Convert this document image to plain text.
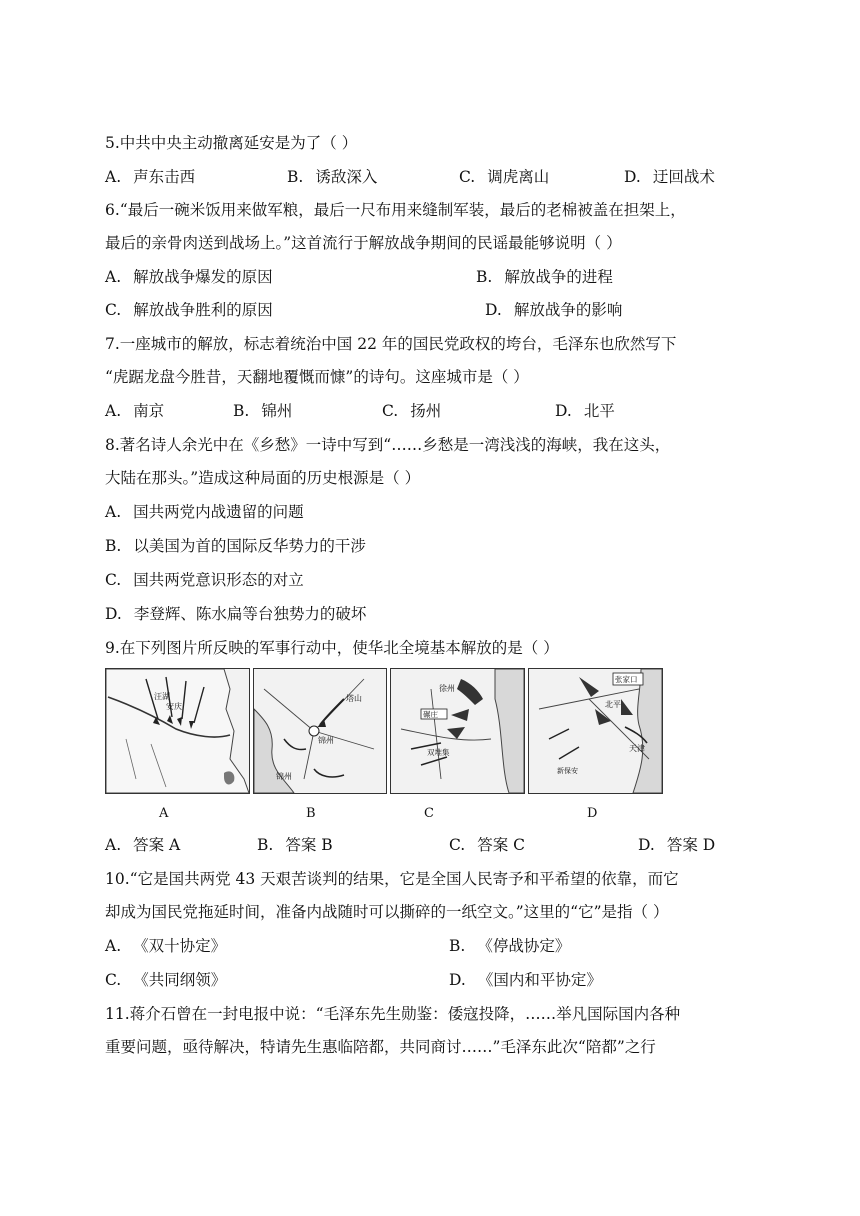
5.中共中央主动撤离延安是为了（ ）
A. 声东击西	B. 诱敌深入	C. 调虎离山	D. 迂回战术
6.“最后一碗米饭用来做军粮，最后一尺布用来缝制军装，最后的老棉被盖在担架上，
最后的亲骨肉送到战场上。”这首流行于解放战争期间的民谣最能够说明（ ）
A. 解放战争爆发的原因	B. 解放战争的进程
C. 解放战争胜利的原因	D. 解放战争的影响
7.一座城市的解放，标志着统治中国 22 年的国民党政权的垮台，毛泽东也欣然写下
“虎踞龙盘今胜昔，天翻地覆慨而慷”的诗句。这座城市是（ ）
A. 南京	B. 锦州	C. 扬州	D. 北平
8.著名诗人余光中在《乡愁》一诗中写到“……乡愁是一湾浅浅的海峡，我在这头，
大陆在那头。”造成这种局面的历史根源是（ ）
A. 国共两党内战遗留的问题
B. 以美国为首的国际反华势力的干涉
C. 国共两党意识形态的对立
D. 李登辉、陈水扁等台独势力的破坏
9.在下列图片所反映的军事行动中，使华北全境基本解放的是（ ）
汪湖
安庆
塔山
锦州
锦州
徐州
碾庄
双堆集
张家口
北平
天津
新保安
A	B	C	D
A. 答案 A	B. 答案 B	C. 答案 C	D. 答案 D
10.“它是国共两党 43 天艰苦谈判的结果，它是全国人民寄予和平希望的依靠，而它
却成为国民党拖延时间，准备内战随时可以撕碎的一纸空文。”这里的“它”是指（ ）
A. 《双十协定》	B. 《停战协定》
C. 《共同纲领》	D. 《国内和平协定》
11.蒋介石曾在一封电报中说：“毛泽东先生勋鉴：倭寇投降，……举凡国际国内各种
重要问题，亟待解决，特请先生惠临陪都，共同商讨……”毛泽东此次“陪都”之行
